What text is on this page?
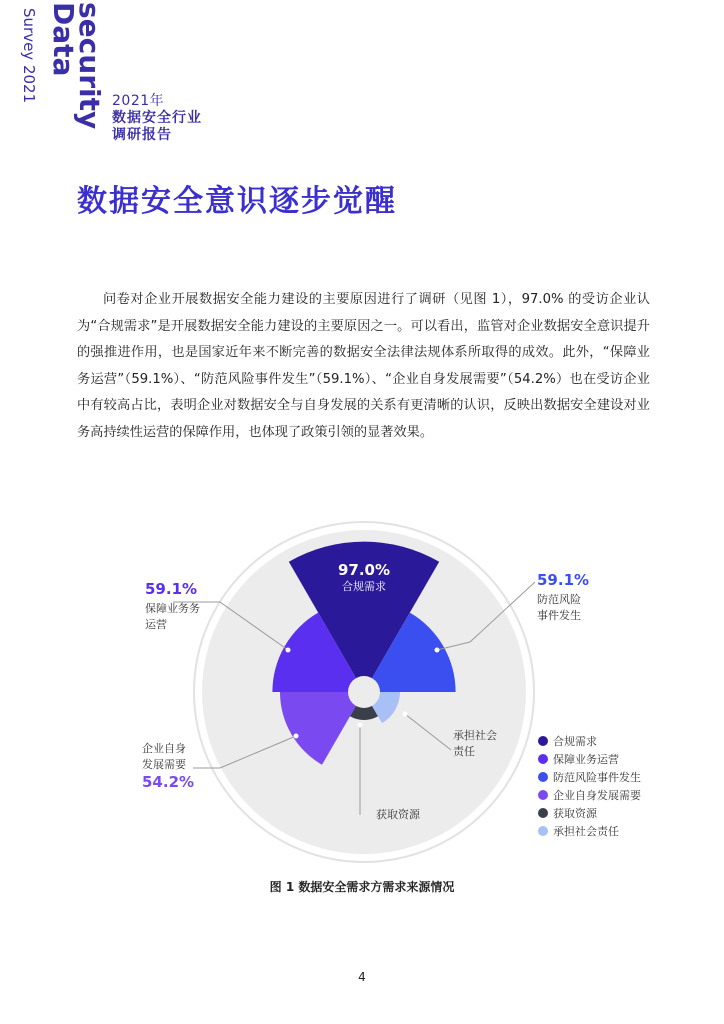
Data
security
Survey 2021	2021年
数据安全行业
调研报告
数据安全意识逐步觉醒

问卷对企业开展数据安全能力建设的主要原因进行了调研（见图 1），97.0% 的受访企业认为“合规需求”是开展数据安全能力建设的主要原因之一。可以看出，监管对企业数据安全意识提升的强推进作用，也是国家近年来不断完善的数据安全法律法规体系所取得的成效。此外，“保障业务运营”（59.1%）、“防范风险事件发生”（59.1%）、“企业自身发展需要”（54.2%）也在受访企业中有较高占比，表明企业对数据安全与自身发展的关系有更清晰的认识，反映出数据安全建设对业务高持续性运营的保障作用，也体现了政策引领的显著效果。

97.0%
合规需求
59.1%
保障业务务
运营
59.1%
防范风险
事件发生
企业自身
发展需要
54.2%
获取资源
承担社会
责任
合规需求
保障业务运营
防范风险事件发生
企业自身发展需要
获取资源
承担社会责任
图 1 数据安全需求方需求来源情况
4
